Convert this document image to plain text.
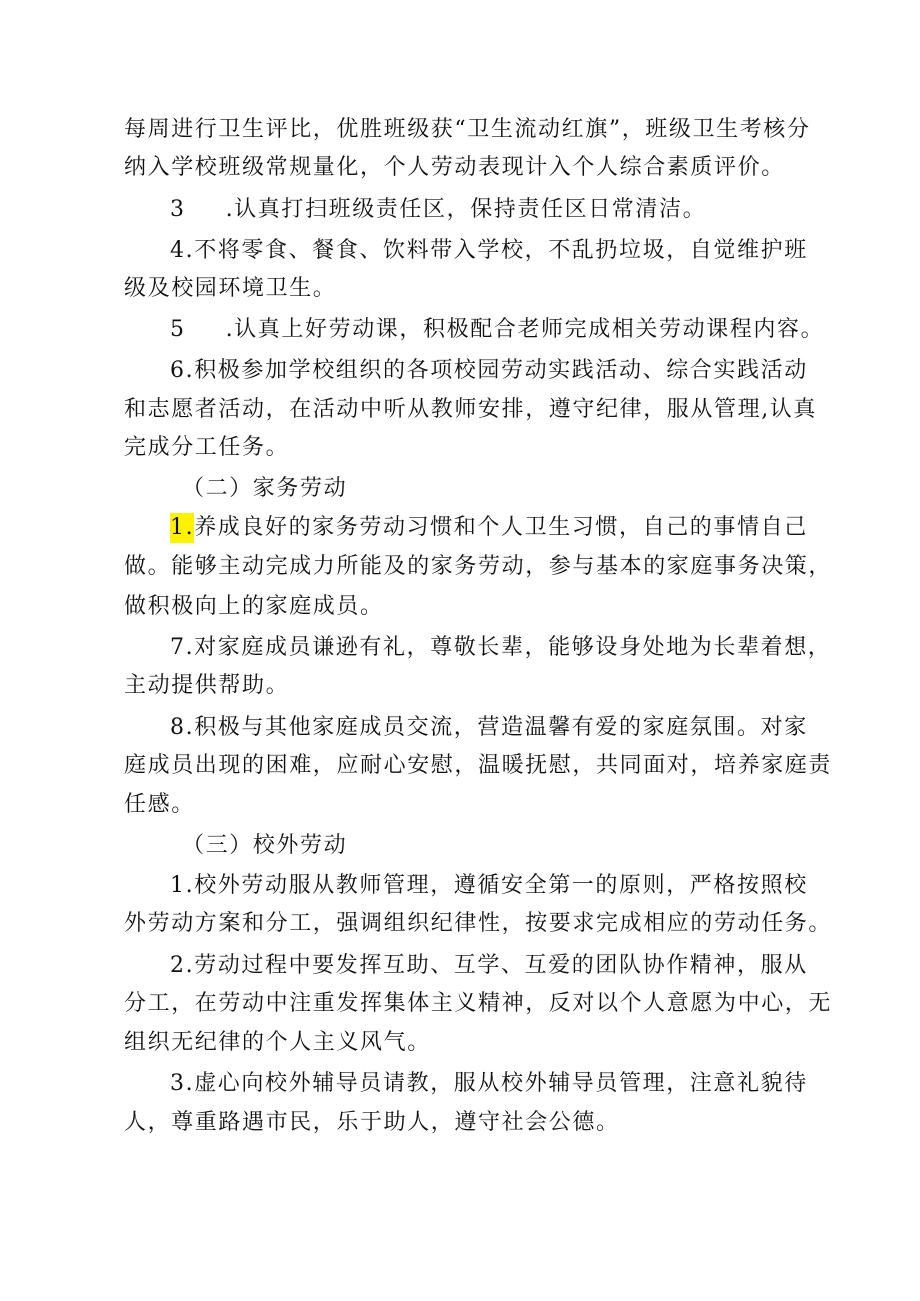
每周进行卫生评比，优胜班级获“卫生流动红旗”，班级卫生考核分
纳入学校班级常规量化，个人劳动表现计入个人综合素质评价。
3 .认真打扫班级责任区，保持责任区日常清洁。
4.不将零食、餐食、饮料带入学校，不乱扔垃圾，自觉维护班
级及校园环境卫生。
5 .认真上好劳动课，积极配合老师完成相关劳动课程内容。
6.积极参加学校组织的各项校园劳动实践活动、综合实践活动
和志愿者活动，在活动中听从教师安排，遵守纪律，服从管理,认真
完成分工任务。
（二）家务劳动
1.养成良好的家务劳动习惯和个人卫生习惯，自己的事情自己
做。能够主动完成力所能及的家务劳动，参与基本的家庭事务决策，
做积极向上的家庭成员。
7.对家庭成员谦逊有礼，尊敬长辈，能够设身处地为长辈着想，
主动提供帮助。
8.积极与其他家庭成员交流，营造温馨有爱的家庭氛围。对家
庭成员出现的困难，应耐心安慰，温暖抚慰，共同面对，培养家庭责
任感。
（三）校外劳动
1.校外劳动服从教师管理，遵循安全第一的原则，严格按照校
外劳动方案和分工，强调组织纪律性，按要求完成相应的劳动任务。
2.劳动过程中要发挥互助、互学、互爱的团队协作精神，服从
分工，在劳动中注重发挥集体主义精神，反对以个人意愿为中心，无
组织无纪律的个人主义风气。
3.虚心向校外辅导员请教，服从校外辅导员管理，注意礼貌待
人，尊重路遇市民，乐于助人，遵守社会公德。
